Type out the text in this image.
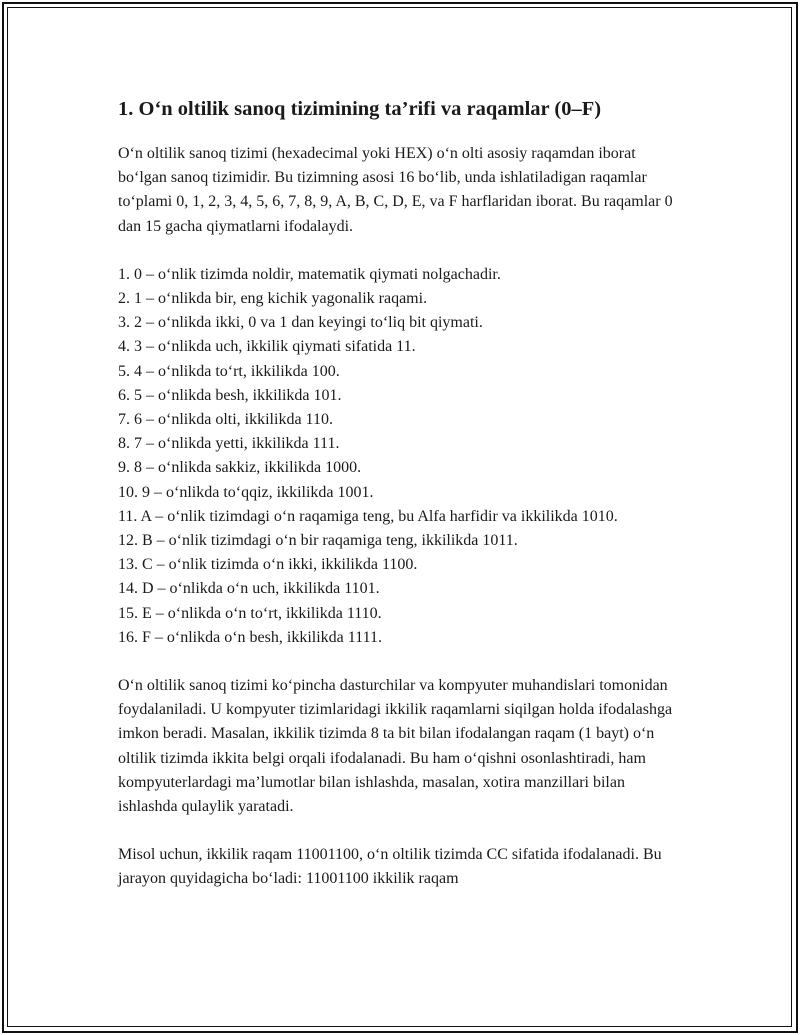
1. O‘n oltilik sanoq tizimining ta’rifi va raqamlar (0–F)

O‘n oltilik sanoq tizimi (hexadecimal yoki HEX) o‘n olti asosiy raqamdan iborat bo‘lgan sanoq tizimidir. Bu tizimning asosi 16 bo‘lib, unda ishlatiladigan raqamlar to‘plami 0, 1, 2, 3, 4, 5, 6, 7, 8, 9, A, B, C, D, E, va F harflaridan iborat. Bu raqamlar 0 dan 15 gacha qiymatlarni ifodalaydi.

1. 0 – o‘nlik tizimda noldir, matematik qiymati nolgachadir.
2. 1 – o‘nlikda bir, eng kichik yagonalik raqami.
3. 2 – o‘nlikda ikki, 0 va 1 dan keyingi to‘liq bit qiymati.
4. 3 – o‘nlikda uch, ikkilik qiymati sifatida 11.
5. 4 – o‘nlikda to‘rt, ikkilikda 100.
6. 5 – o‘nlikda besh, ikkilikda 101.
7. 6 – o‘nlikda olti, ikkilikda 110.
8. 7 – o‘nlikda yetti, ikkilikda 111.
9. 8 – o‘nlikda sakkiz, ikkilikda 1000.
10. 9 – o‘nlikda to‘qqiz, ikkilikda 1001.
11. A – o‘nlik tizimdagi o‘n raqamiga teng, bu Alfa harfidir va ikkilikda 1010.
12. B – o‘nlik tizimdagi o‘n bir raqamiga teng, ikkilikda 1011.
13. C – o‘nlik tizimda o‘n ikki, ikkilikda 1100.
14. D – o‘nlikda o‘n uch, ikkilikda 1101.
15. E – o‘nlikda o‘n to‘rt, ikkilikda 1110.
16. F – o‘nlikda o‘n besh, ikkilikda 1111.

O‘n oltilik sanoq tizimi ko‘pincha dasturchilar va kompyuter muhandislari tomonidan foydalaniladi. U kompyuter tizimlaridagi ikkilik raqamlarni siqilgan holda ifodalashga imkon beradi. Masalan, ikkilik tizimda 8 ta bit bilan ifodalangan raqam (1 bayt) o‘n oltilik tizimda ikkita belgi orqali ifodalanadi. Bu ham o‘qishni osonlashtiradi, ham kompyuterlardagi ma’lumotlar bilan ishlashda, masalan, xotira manzillari bilan ishlashda qulaylik yaratadi.

Misol uchun, ikkilik raqam 11001100, o‘n oltilik tizimda CC sifatida ifodalanadi. Bu jarayon quyidagicha bo‘ladi: 11001100 ikkilik raqam
